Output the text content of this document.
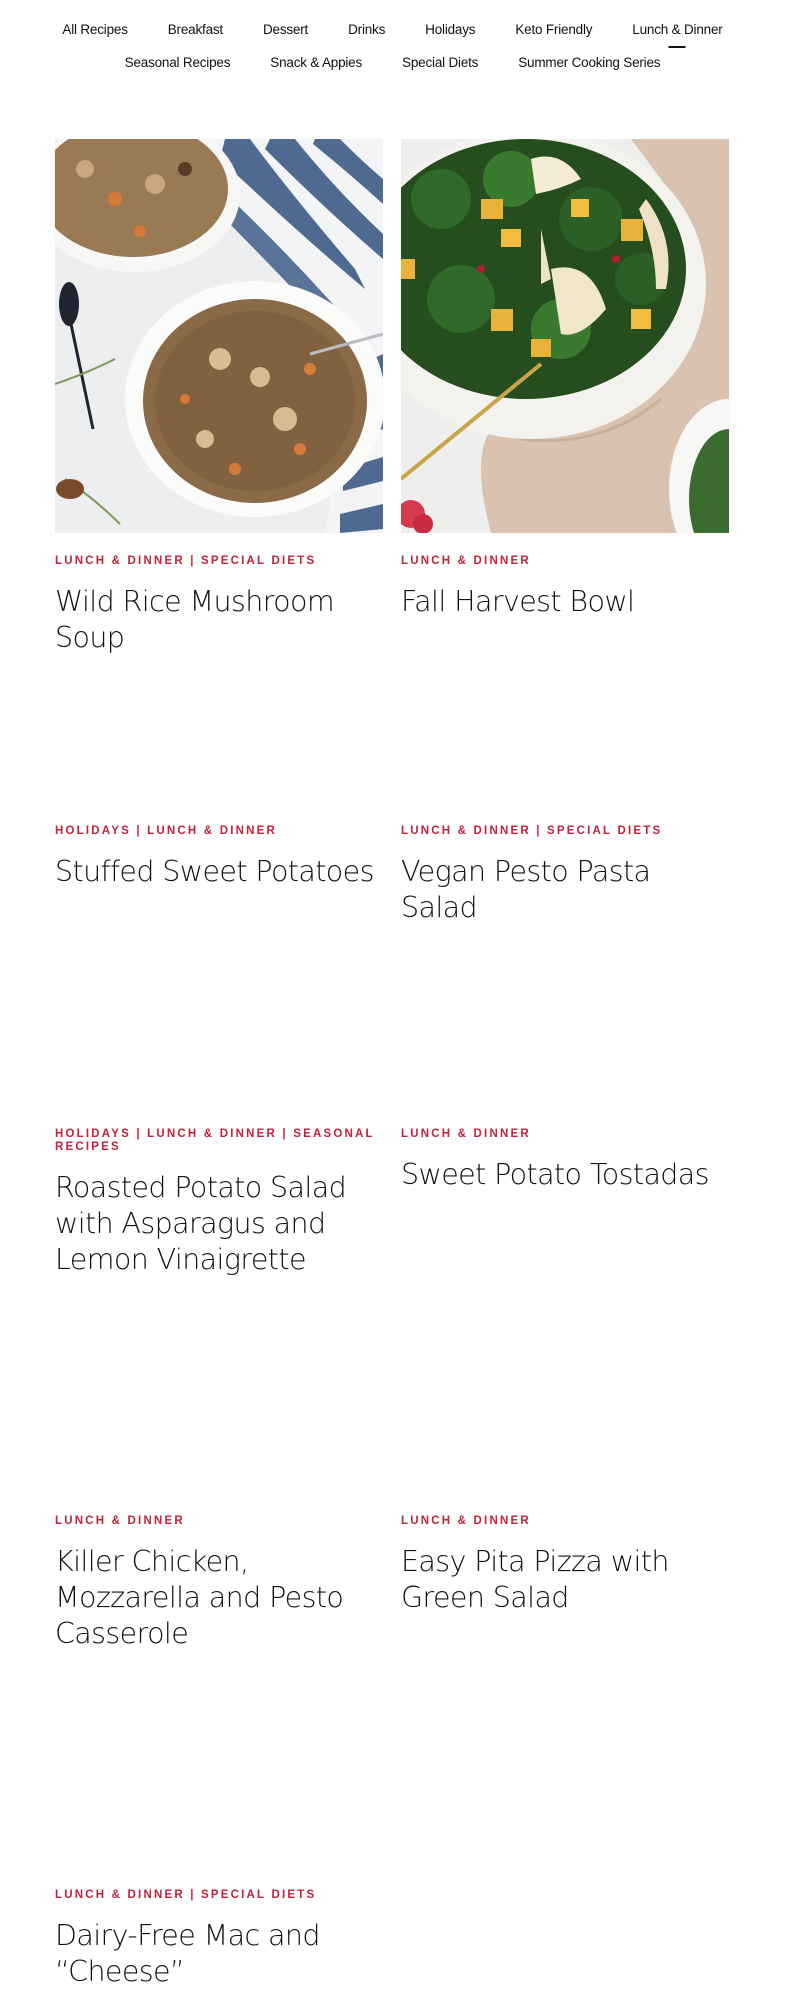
All Recipes	Breakfast	Dessert	Drinks	Holidays	Keto Friendly	Lunch & Dinner
Seasonal Recipes	Snack & Appies	Special Diets	Summer Cooking Series
LUNCH & DINNER | SPECIAL DIETS
Wild Rice Mushroom Soup
LUNCH & DINNER
Fall Harvest Bowl
HOLIDAYS | LUNCH & DINNER
Stuffed Sweet Potatoes
LUNCH & DINNER | SPECIAL DIETS
Vegan Pesto Pasta Salad
HOLIDAYS | LUNCH & DINNER | SEASONAL RECIPES
Roasted Potato Salad with Asparagus and Lemon Vinaigrette
LUNCH & DINNER
Sweet Potato Tostadas
LUNCH & DINNER
Killer Chicken, Mozzarella and Pesto Casserole
LUNCH & DINNER
Easy Pita Pizza with Green Salad
LUNCH & DINNER | SPECIAL DIETS
Dairy-Free Mac and “Cheese”
